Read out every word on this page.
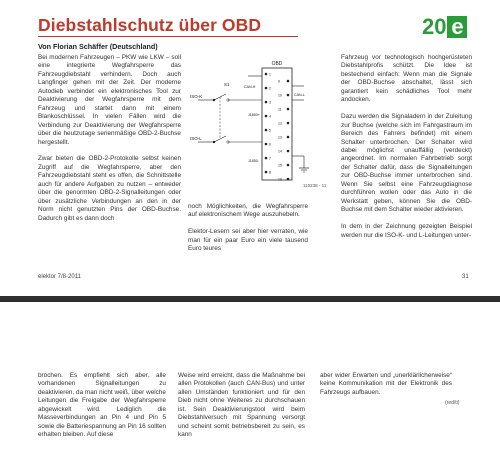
Diebstahlschutz über OBD	20 e
Von Florian Schäffer (Deutschland)
Bei modernen Fahrzeugen – PKW wie LKW – soll eine integrierte Wegfahrsperre das Fahrzeugdiebstahl verhindern. Doch auch Langfinger gehen mit der Zeit. Der moderne Autodieb verbindet ein elektronisches Tool zur Deaktivierung der Wegfahrsperre mit dem Fahrzeug und startet dann mit einem Blankoschlüssel. In vielen Fällen wird die Verbindung zur Deaktivierung der Wegfahrsperre über die heutzutage serienmäßige OBD-2-Buchse hergestellt.

Zwar bieten die OBD-2-Protokolle selbst keinen Zugriff auf die Wegfahrsperre, aber den Fahrzeugdiebstahl steht es offen, die Schnittstelle auch für andere Aufgaben zu nutzen – entweder über die genormten OBD-2-Signalleitungen oder über zusätzliche Verbindungen an den in der Norm nicht genutzten Pins der OBD-Buchse. Dadurch gibt es dann doch
OBD
1
2
3
4
5
6
7
8
9
10
11
12
13
14
15
16
S1
ISO-K
ISO-L
CAN-H
CAN-L
J1850+
J1850-
110238 - 11
noch Möglichkeiten, die Wegfahrsperre auf elektronischem Wege auszuhebeln.

Elektor-Lesern sei aber hier verraten, wie man für ein paar Euro ein viele tausend Euro teures
Fahrzeug vor technologisch hochgerüsteten Diebstahlprofis schützt. Die Idee ist bestechend einfach: Wenn man die Signale der OBD-Buchse abschaltet, lässt sich garantiert kein schädliches Tool mehr andocken.

Dazu werden die Signaladern in der Zuleitung zur Buchse (welche sich im Fahrgastraum im Bereich des Fahrers befindet) mit einem Schalter unterbrochen. Der Schalter wird dabei möglichst unauffällig (verdeckt) angeordnet. Im normalen Fahrbetrieb sorgt der Schalter dafür, dass die Signalleitungen zur OBD-Buchse immer unterbrochen sind. Wenn Sie selbst eine Fahrzeugdiagnose durchführen wollen oder das Auto in die Werkstatt geben, können Sie die OBD-Buchse mit dem Schalter wieder aktivieren.

In dem in der Zeichnung gezeigten Beispiel werden nur die ISO-K- und L-Leitungen unter-
elektor 7/8-2011	31
brochen. Es empfiehlt sich aber, alle vorhandenen Signalleitungen zu deaktivieren, da man nicht weiß, über welche Leitungen die Freigabe der Wegfahrsperre abgewickelt wird. Lediglich die Masseverbindungen an Pin 4 und Pin 5 sowie die Batteriespannung an Pin 16 sollten erhalten bleiben. Auf diese
Weise wird erreicht, dass die Maßnahme bei allen Protokollen (auch CAN-Bus) und unter allen Umständen funktioniert und für den Dieb nicht ohne Weiteres zu durchschauen ist. Sein Deaktivierungstool wird beim Diebstahlversuch mit Spannung versorgt und scheint somit betriebsbereit zu sein, es kann
aber wider Erwarten und „unerklärlicherweise“ keine Kommunikation mit der Elektronik des Fahrzeugs aufbauen.
(red/ti)
